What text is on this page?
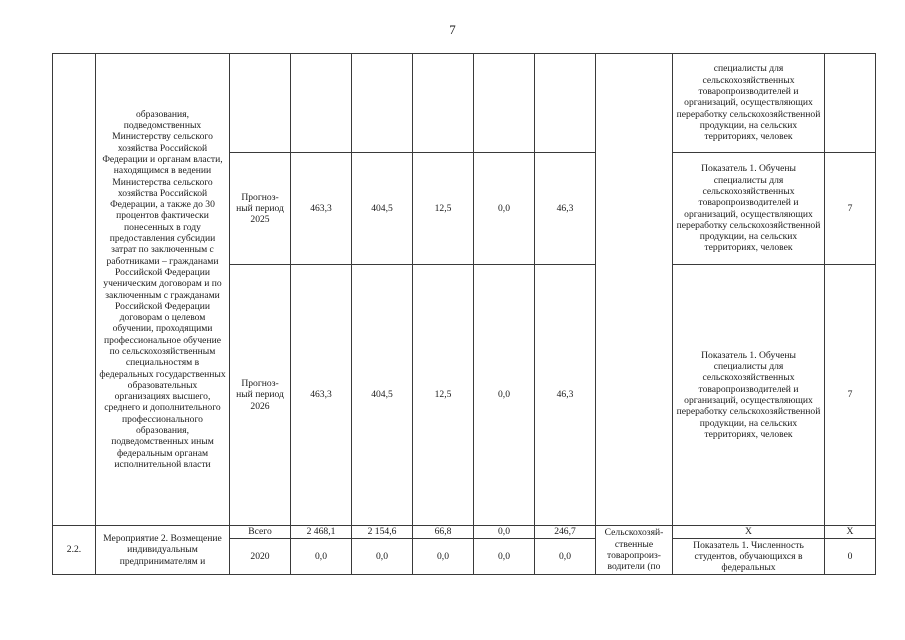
7
	образования, подведомственных Министерству сельского хозяйства Российской Федерации и органам власти, находящимся в ведении Министерства сельского хозяйства Российской Федерации, а также до 30 процентов фактически понесенных в году предоставления субсидии затрат по заключенным с работниками – гражданами Российской Федерации ученическим договорам и по заключенным с гражданами Российской Федерации договорам о целевом обучении, проходящими профессиональное обучение по сельскохозяйственным специальностям в федеральных государственных образовательных организациях высшего, среднего и дополнительного профессионального образования, подведомственных иным федеральным органам исполнительной власти								специалисты для сельскохозяйственных товаропроизводителей и организаций, осуществляющих переработку сельскохозяйственной продукции, на сельских территориях, человек	
		Прогноз-ный период 2025	463,3	404,5	12,5	0,0	46,3		Показатель 1. Обучены специалисты для сельскохозяйственных товаропроизводителей и организаций, осуществляющих переработку сельскохозяйственной продукции, на сельских территориях, человек	7
		Прогноз-ный период 2026	463,3	404,5	12,5	0,0	46,3		Показатель 1. Обучены специалисты для сельскохозяйственных товаропроизводителей и организаций, осуществляющих переработку сельскохозяйственной продукции, на сельских территориях, человек	7
2.2.	Мероприятие 2. Возмещение индивидуальным предпринимателям и	Всего	2 468,1	2 154,6	66,8	0,0	246,7	Сельскохозяй-ственные товаропроиз-водители (по	Х	Х
		2020	0,0	0,0	0,0	0,0	0,0		Показатель 1. Численность студентов, обучающихся в федеральных	0
